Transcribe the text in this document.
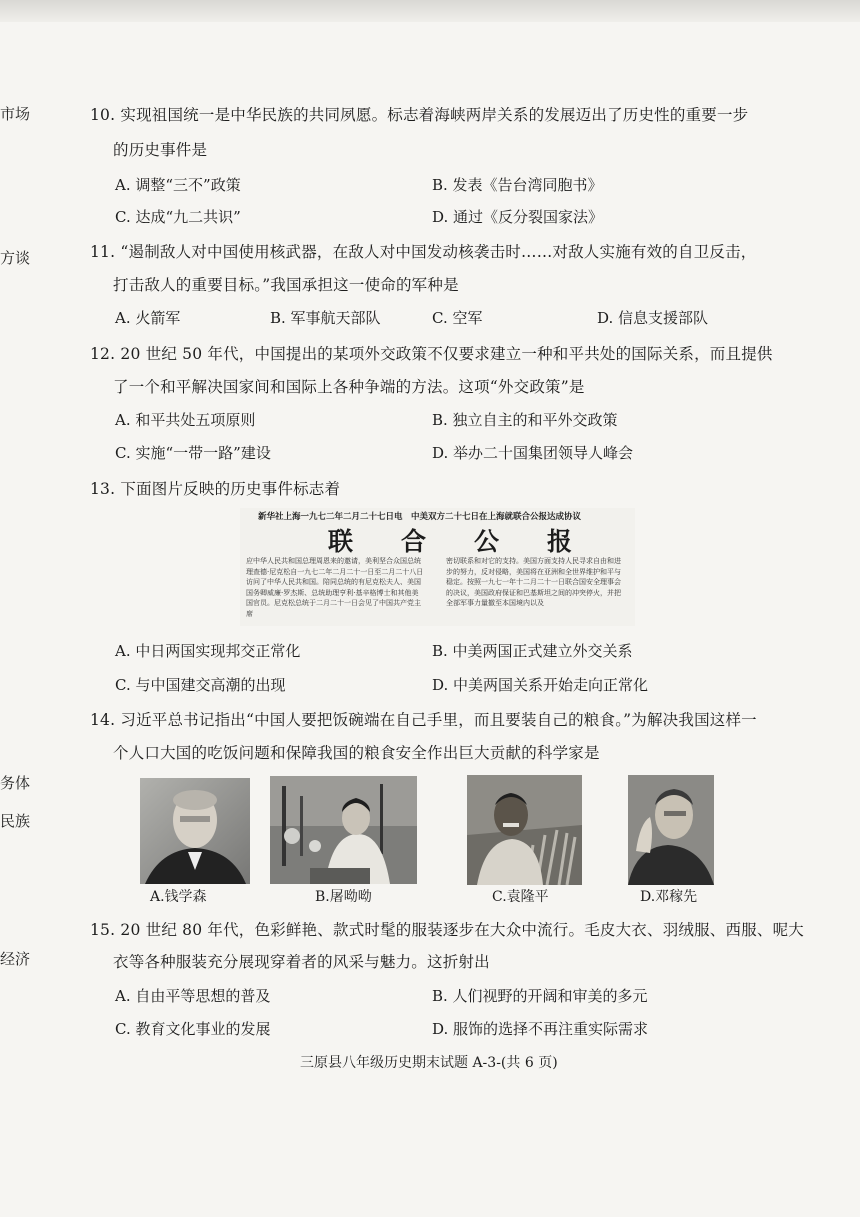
市场
方谈
务体
民族
经济
10. 实现祖国统一是中华民族的共同夙愿。标志着海峡两岸关系的发展迈出了历史性的重要一步
的历史事件是
A. 调整“三不”政策	B. 发表《告台湾同胞书》
C. 达成“九二共识”	D. 通过《反分裂国家法》
11. “遏制敌人对中国使用核武器，在敌人对中国发动核袭击时……对敌人实施有效的自卫反击，
打击敌人的重要目标。”我国承担这一使命的军种是
A. 火箭军	B. 军事航天部队	C. 空军	D. 信息支援部队
12. 20 世纪 50 年代，中国提出的某项外交政策不仅要求建立一种和平共处的国际关系，而且提供
了一个和平解决国家间和国际上各种争端的方法。这项“外交政策”是
A. 和平共处五项原则	B. 独立自主的和平外交政策
C. 实施“一带一路”建设	D. 举办二十国集团领导人峰会
13. 下面图片反映的历史事件标志着
新华社上海一九七二年二月二十七日电　中美双方二十七日在上海就联合公报达成协议
联合公报
应中华人民共和国总理周恩来的邀请，美利坚合众国总统理查德·尼克松自一九七二年二月二十一日至二月二十八日访问了中华人民共和国。陪同总统的有尼克松夫人、美国国务卿威廉·罗杰斯、总统助理亨利·基辛格博士和其他美国官员。尼克松总统于二月二十一日会见了中国共产党主席
密切联系和对它的支持。美国方面支持人民寻求自由和进步的努力，反对侵略，美国将在亚洲和全世界维护和平与稳定。按照一九七一年十二月二十一日联合国安全理事会的决议，美国政府保证和巴基斯坦之间的冲突停火，并把全部军事力量撤至本国境内以及
A. 中日两国实现邦交正常化	B. 中美两国正式建立外交关系
C. 与中国建交高潮的出现	D. 中美两国关系开始走向正常化
14. 习近平总书记指出“中国人要把饭碗端在自己手里，而且要装自己的粮食。”为解决我国这样一
个人口大国的吃饭问题和保障我国的粮食安全作出巨大贡献的科学家是
A.钱学森	B.屠呦呦	C.袁隆平	D.邓稼先
15. 20 世纪 80 年代，色彩鲜艳、款式时髦的服装逐步在大众中流行。毛皮大衣、羽绒服、西服、呢大
衣等各种服装充分展现穿着者的风采与魅力。这折射出
A. 自由平等思想的普及	B. 人们视野的开阔和审美的多元
C. 教育文化事业的发展	D. 服饰的选择不再注重实际需求
三原县八年级历史期末试题 A-3-(共 6 页)
